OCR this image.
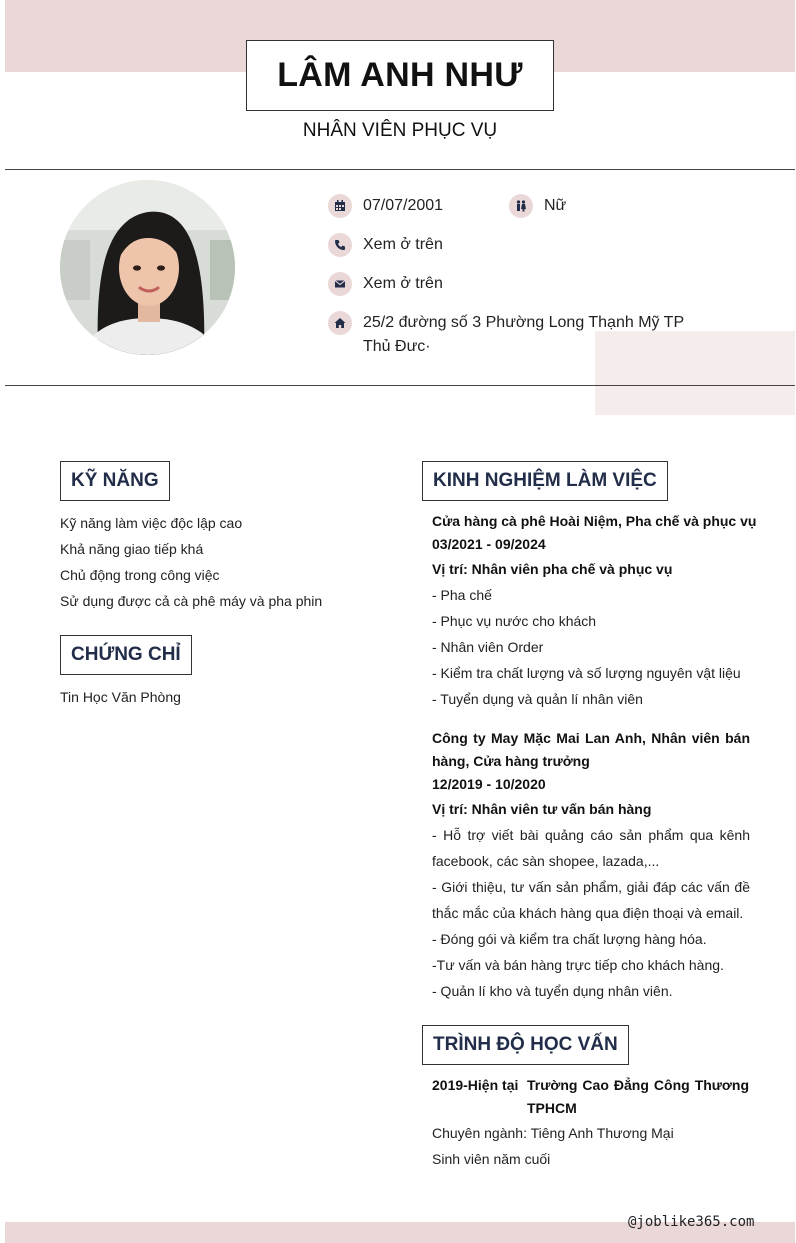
LÂM ANH NHƯ
NHÂN VIÊN PHỤC VỤ
07/07/2001	Nữ
Xem ở trên
Xem ở trên
25/2 đường số 3 Phường Long Thạnh Mỹ TP
Thủ Đưc·
KỸ NĂNG
Kỹ năng làm việc độc lập cao
Khả năng giao tiếp khá
Chủ động trong công việc
Sử dụng được cả cà phê máy và pha phin
CHỨNG CHỈ
Tin Học Văn Phòng
KINH NGHIỆM LÀM VIỆC
Cửa hàng cà phê Hoài Niệm, Pha chế và phục vụ
03/2021 - 09/2024
Vị trí: Nhân viên pha chế và phục vụ
- Pha chế
- Phục vụ nước cho khách
- Nhân viên Order
- Kiểm tra chất lượng và số lượng nguyên vật liệu
- Tuyển dụng và quản lí nhân viên
Công ty May Mặc Mai Lan Anh, Nhân viên bán
hàng, Cửa hàng trưởng
12/2019 - 10/2020
Vị trí: Nhân viên tư vấn bán hàng
- Hỗ trợ viết bài quảng cáo sản phẩm qua kênh
facebook, các sàn shopee, lazada,...
- Giới thiệu, tư vấn sản phẩm, giải đáp các vấn đề
thắc mắc của khách hàng qua điện thoại và email.
- Đóng gói và kiểm tra chất lượng hàng hóa.
-Tư vấn và bán hàng trực tiếp cho khách hàng.
- Quản lí kho và tuyển dụng nhân viên.
TRÌNH ĐỘ HỌC VẤN
2019-Hiện tại Trường Cao Đẳng Công Thương
TPHCM
Chuyên ngành: Tiêng Anh Thương Mại
Sinh viên năm cuối
@joblike365.com
